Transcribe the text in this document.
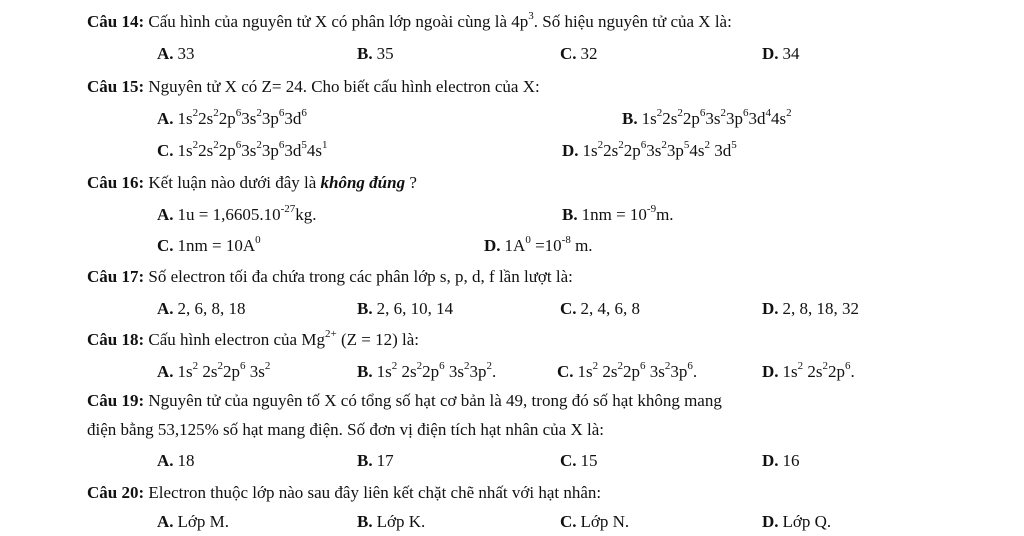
Câu 14: Cấu hình của nguyên tử X có phân lớp ngoài cùng là $4p^3$. Số hiệu nguyên tử của X là:
A. 33	B. 35	C. 32	D. 34
Câu 15: Nguyên tử X có Z= 24. Cho biết cấu hình electron của X:
A. $1s^22s^22p^63s^23p^63d^6$	B. $1s^22s^22p^63s^23p^63d^44s^2$
C. $1s^22s^22p^63s^23p^63d^54s^1$	D. $1s^22s^22p^63s^23p^54s^2$ $3d^5$
Câu 16: Kết luận nào dưới đây là không đúng ?
A. $1u = 1,6605.10^{-27}kg$.	B. $1nm = 10^{-9}m$.
C. $1nm = 10A^0$	D. $1A^0 =10^{-8}$ m.
Câu 17: Số electron tối đa chứa trong các phân lớp s, p, d, f lần lượt là:
A. 2, 6, 8, 18	B. 2, 6, 10, 14	C. 2, 4, 6, 8	D. 2, 8, 18, 32
Câu 18: Cấu hình electron của $Mg^{2+}$ (Z = 12) là:
A. $1s^2$ $2s^22p^6$ $3s^2$	B. $1s^2$ $2s^22p^6$ $3s^23p^2$.	C. $1s^2$ $2s^22p^6$ $3s^23p^6$.	D. $1s^2$ $2s^22p^6$.
Câu 19: Nguyên tử của nguyên tố X có tổng số hạt cơ bản là 49, trong đó số hạt không mang
điện bằng 53,125% số hạt mang điện. Số đơn vị điện tích hạt nhân của X là:
A. 18	B. 17	C. 15	D. 16
Câu 20: Electron thuộc lớp nào sau đây liên kết chặt chẽ nhất với hạt nhân:
A. Lớp M.	B. Lớp K.	C. Lớp N.	D. Lớp Q.
